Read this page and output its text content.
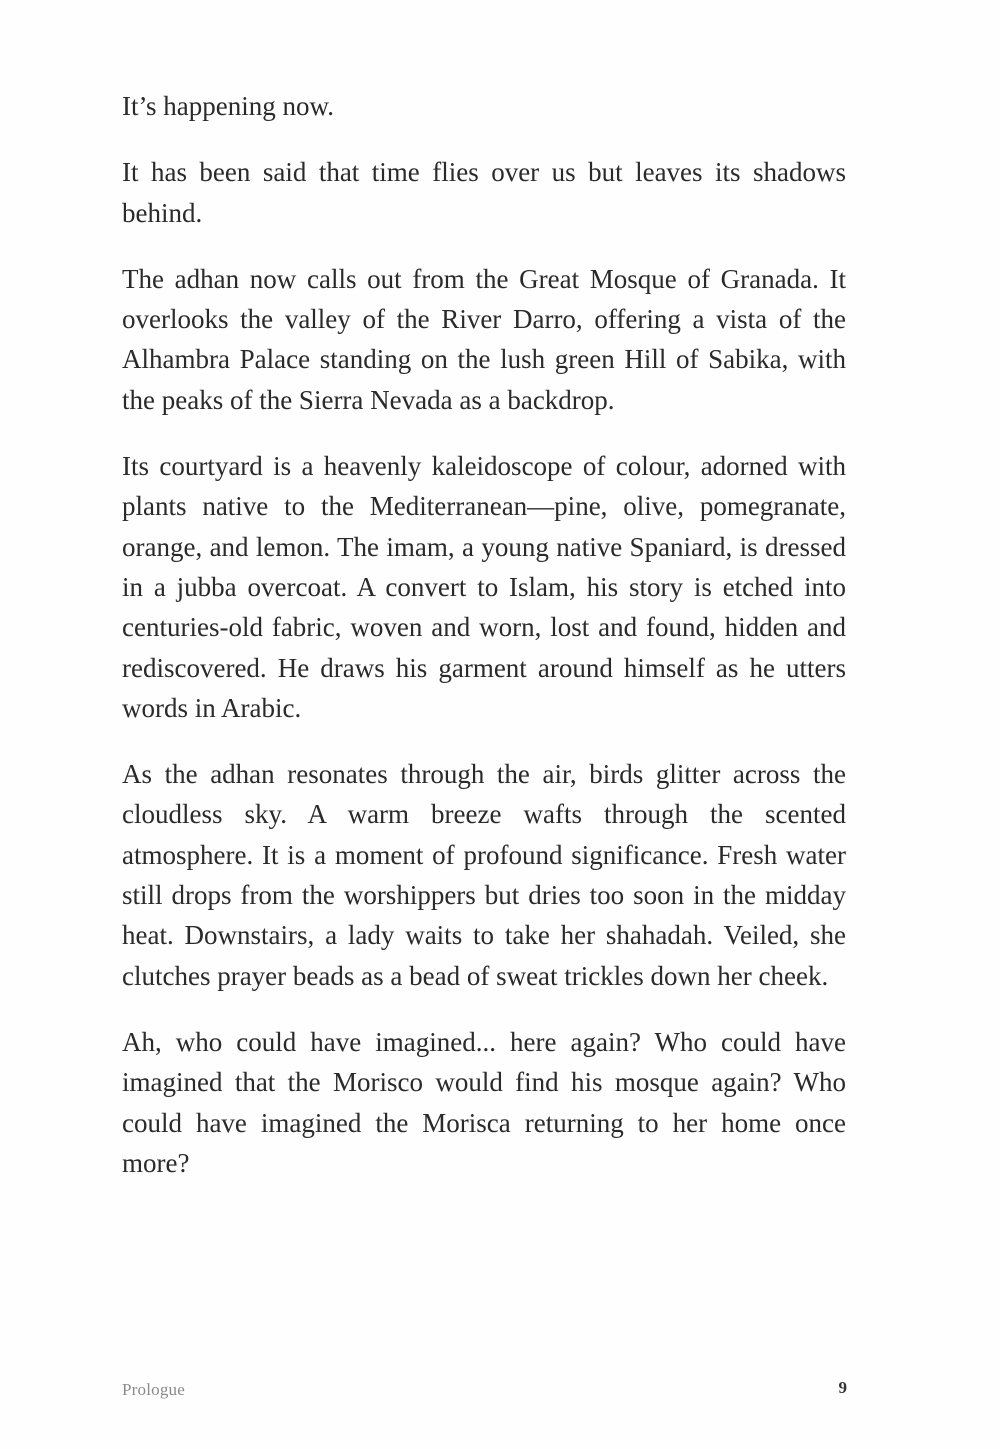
It’s happening now.

It has been said that time flies over us but leaves its shadows behind.

The adhan now calls out from the Great Mosque of Granada. It overlooks the valley of the River Darro, offering a vista of the Alhambra Palace standing on the lush green Hill of Sabika, with the peaks of the Sierra Nevada as a backdrop.

Its courtyard is a heavenly kaleidoscope of colour, adorned with plants native to the Mediterranean—pine, olive, pomegranate, orange, and lemon. The imam, a young native Spaniard, is dressed in a jubba overcoat. A convert to Islam, his story is etched into centuries-old fabric, woven and worn, lost and found, hidden and rediscovered. He draws his garment around himself as he utters words in Arabic.

As the adhan resonates through the air, birds glitter across the cloudless sky. A warm breeze wafts through the scented atmosphere. It is a moment of profound significance. Fresh water still drops from the worshippers but dries too soon in the midday heat. Downstairs, a lady waits to take her shahadah. Veiled, she clutches prayer beads as a bead of sweat trickles down her cheek.

Ah, who could have imagined... here again? Who could have imagined that the Morisco would find his mosque again? Who could have imagined the Morisca returning to her home once more?

Prologue	9
